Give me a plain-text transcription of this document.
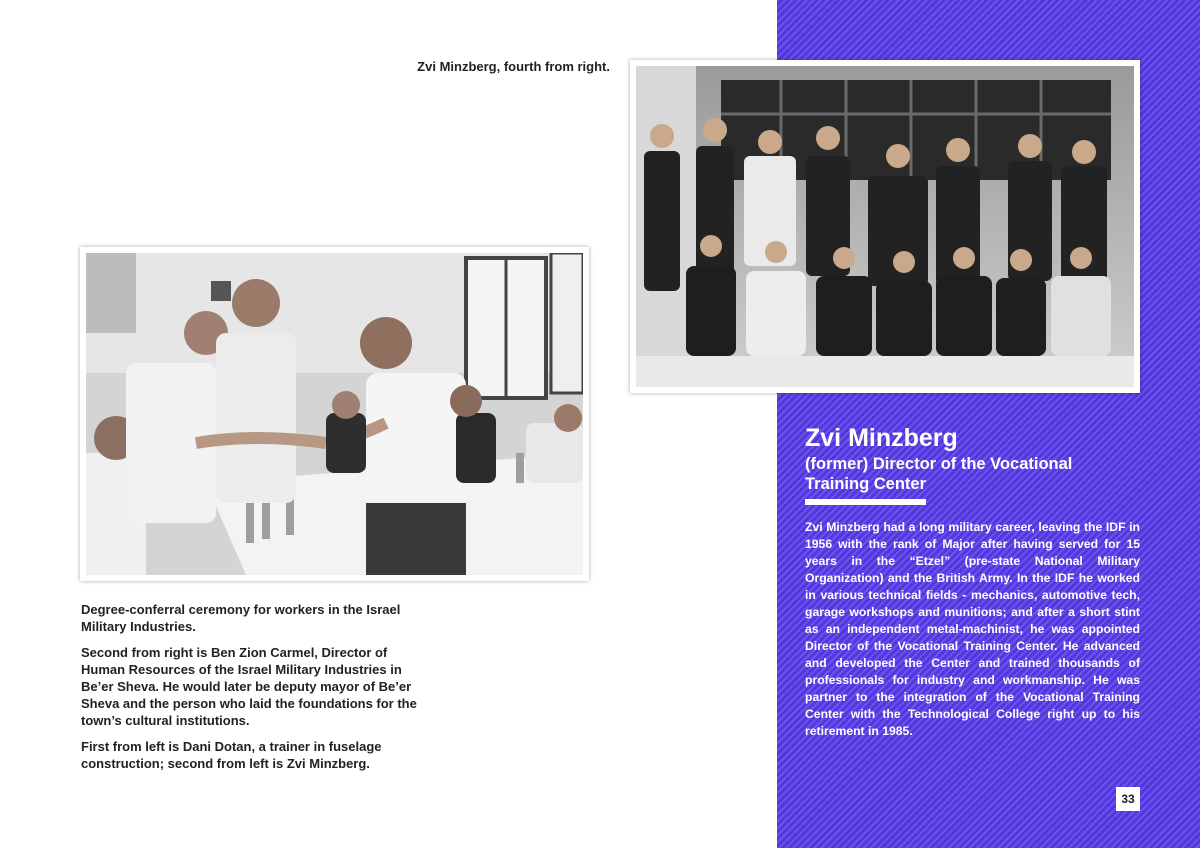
Zvi Minzberg, fourth from right.

Degree-conferral ceremony for workers in the Israel Military Industries.

Second from right is Ben Zion Carmel, Director of Human Resources of the Israel Military Industries in Be’er Sheva. He would later be deputy mayor of Be’er Sheva and the person who laid the foundations for the town’s cultural institutions.

First from left is Dani Dotan, a trainer in fuselage construction; second from left is Zvi Minzberg.

Zvi Minzberg
(former) Director of the Vocational Training Center
Zvi Minzberg had a long military career, leaving the IDF in 1956 with the rank of Major after having served for 15 years in the “Etzel” (pre-state National Military Organization) and the British Army. In the IDF he worked in various technical fields - mechanics, automotive tech, garage workshops and munitions; and after a short stint as an independent metal-machinist, he was appointed Director of the Vocational Training Center. He advanced and developed the Center and trained thousands of professionals for industry and workmanship. He was partner to the integration of the Vocational Training Center with the Technological College right up to his retirement in 1985.
33
